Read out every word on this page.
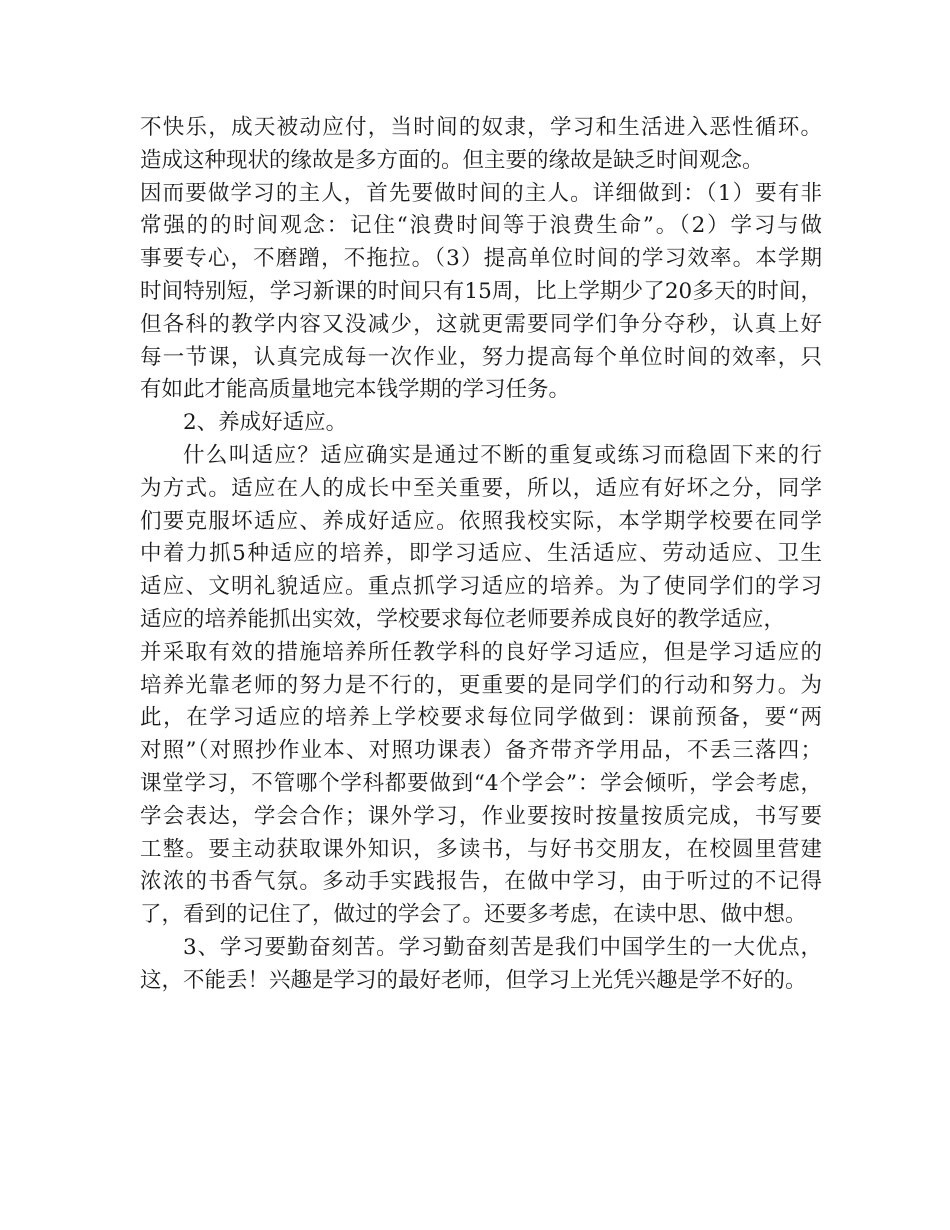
不快乐，成天被动应付，当时间的奴隶，学习和生活进入恶性循环。
造成这种现状的缘故是多方面的。但主要的缘故是缺乏时间观念。
因而要做学习的主人，首先要做时间的主人。详细做到：（1）要有非
常强的的时间观念：记住“浪费时间等于浪费生命”。（2）学习与做
事要专心，不磨蹭，不拖拉。（3）提高单位时间的学习效率。本学期
时间特别短，学习新课的时间只有15周，比上学期少了20多天的时间，
但各科的教学内容又没减少，这就更需要同学们争分夺秒，认真上好
每一节课，认真完成每一次作业，努力提高每个单位时间的效率，只
有如此才能高质量地完本钱学期的学习任务。
2、养成好适应。
什么叫适应？适应确实是通过不断的重复或练习而稳固下来的行
为方式。适应在人的成长中至关重要，所以，适应有好坏之分，同学
们要克服坏适应、养成好适应。依照我校实际，本学期学校要在同学
中着力抓5种适应的培养，即学习适应、生活适应、劳动适应、卫生
适应、文明礼貌适应。重点抓学习适应的培养。为了使同学们的学习
适应的培养能抓出实效，学校要求每位老师要养成良好的教学适应，
并采取有效的措施培养所任教学科的良好学习适应，但是学习适应的
培养光靠老师的努力是不行的，更重要的是同学们的行动和努力。为
此，在学习适应的培养上学校要求每位同学做到：课前预备，要“两
对照”（对照抄作业本、对照功课表）备齐带齐学用品，不丢三落四；
课堂学习，不管哪个学科都要做到“4个学会”：学会倾听，学会考虑，
学会表达，学会合作；课外学习，作业要按时按量按质完成，书写要
工整。要主动获取课外知识，多读书，与好书交朋友，在校圆里营建
浓浓的书香气氛。多动手实践报告，在做中学习，由于听过的不记得
了，看到的记住了，做过的学会了。还要多考虑，在读中思、做中想。
3、学习要勤奋刻苦。学习勤奋刻苦是我们中国学生的一大优点，
这，不能丢！兴趣是学习的最好老师，但学习上光凭兴趣是学不好的。
